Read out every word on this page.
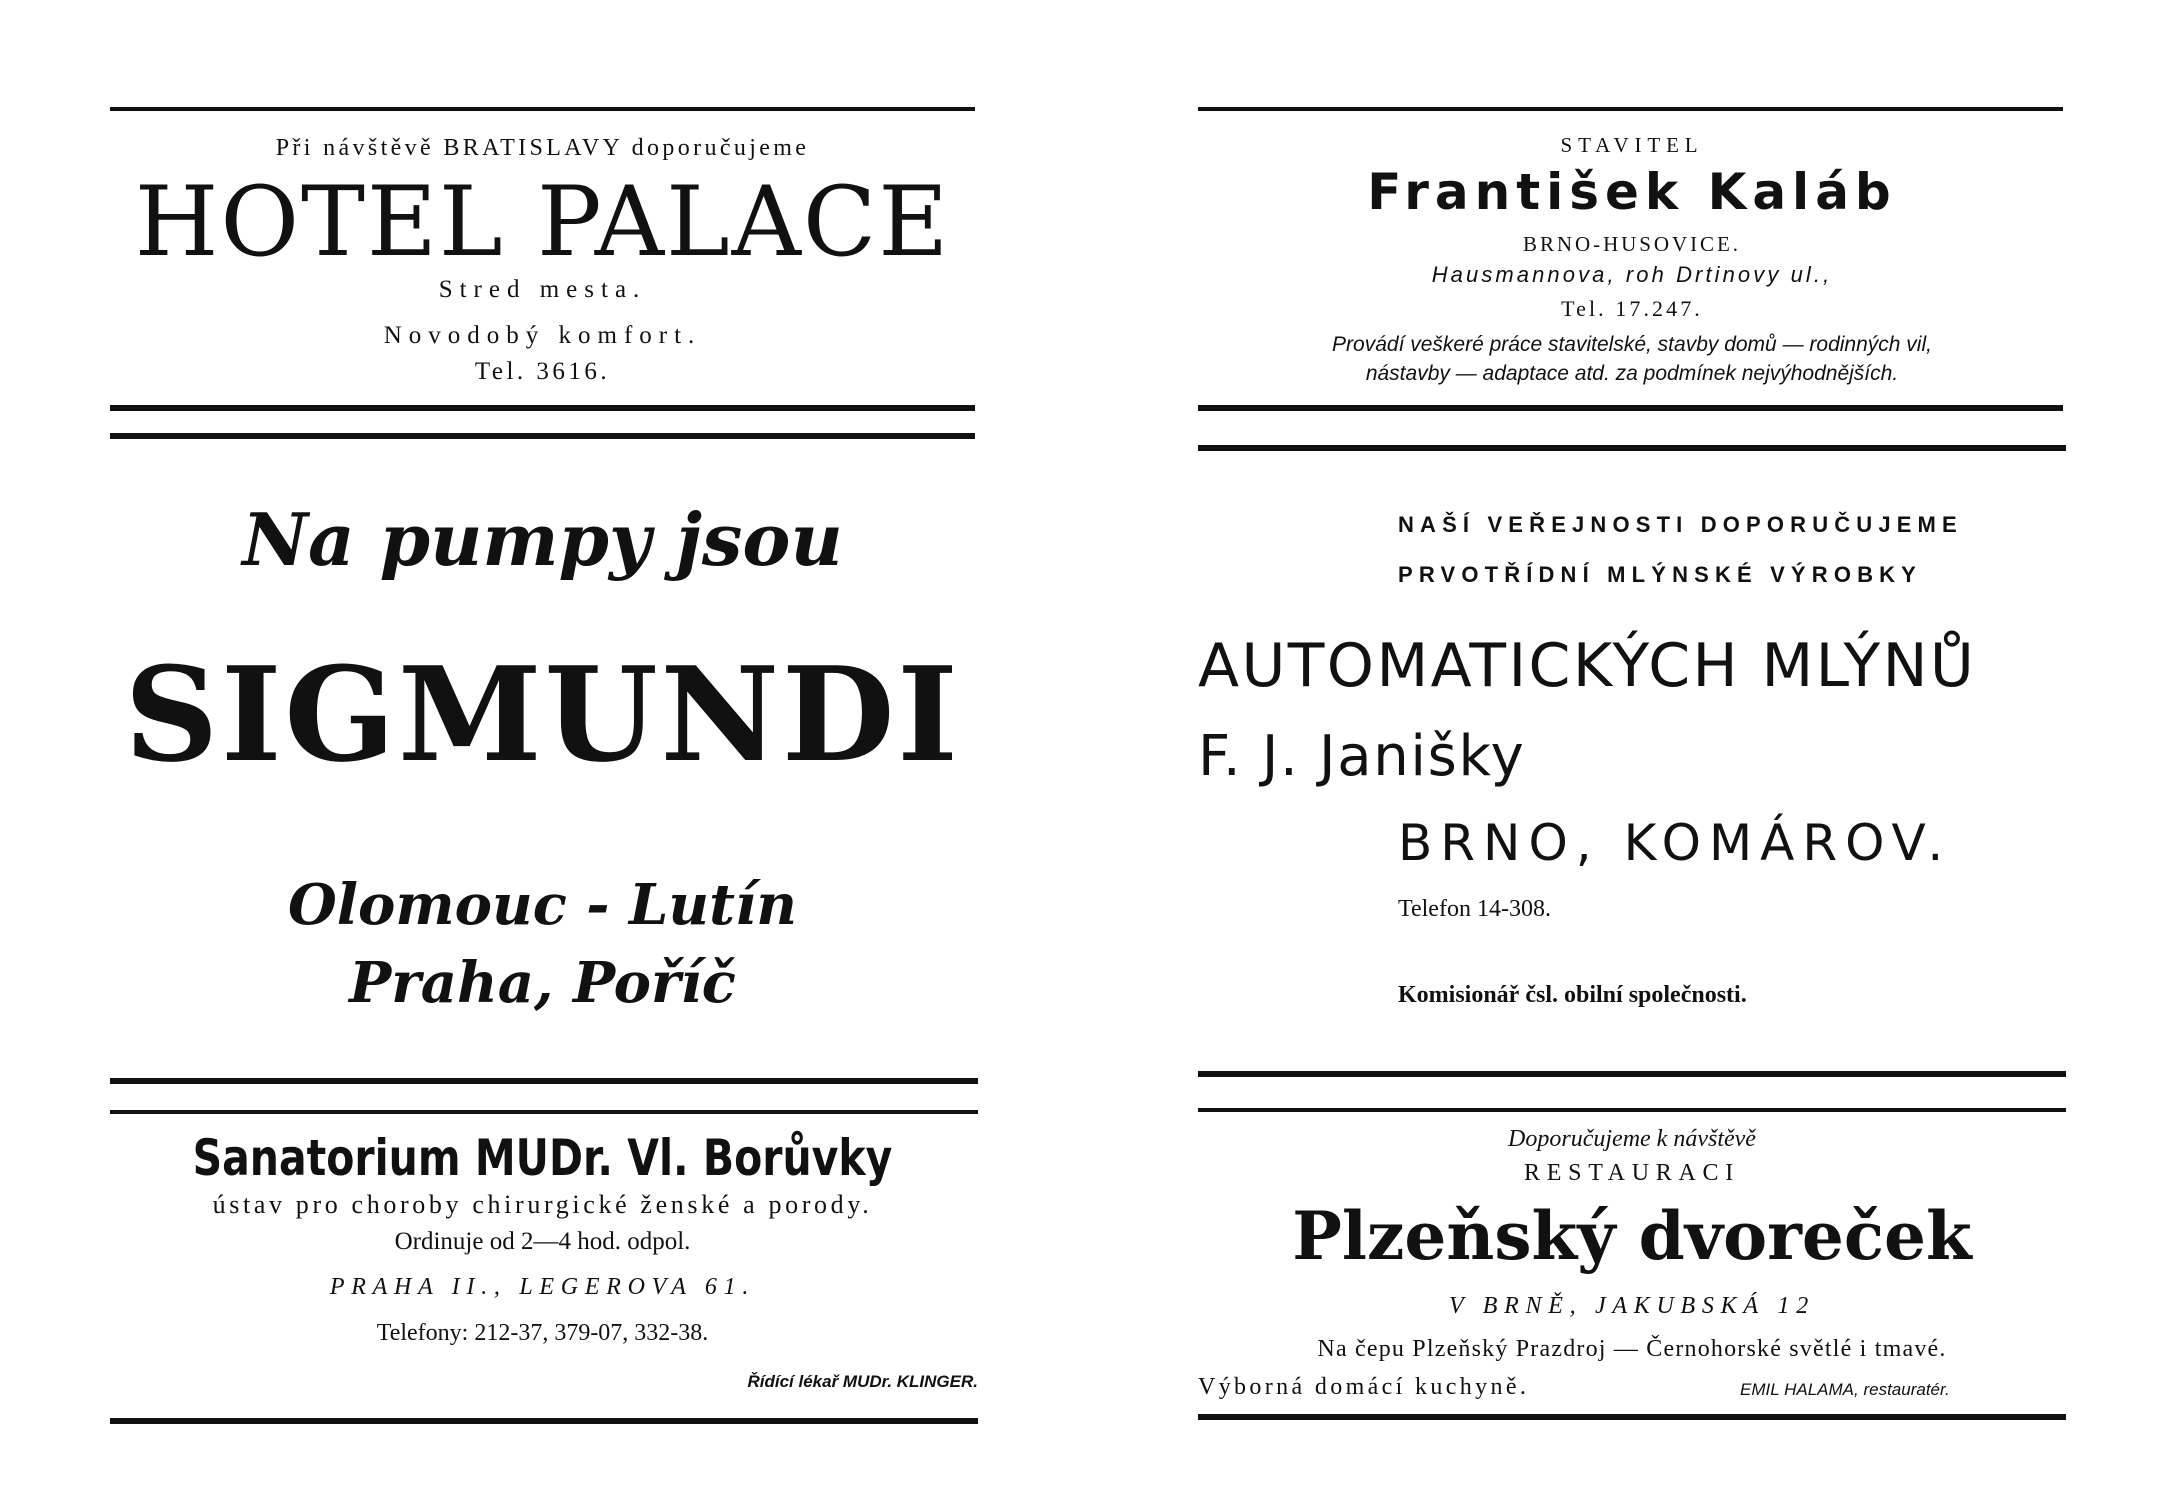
Při návštěvě BRATISLAVY doporučujeme
HOTEL PALACE
Stred mesta.
Novodobý komfort.
Tel. 3616.
Na pumpy jsou
SIGMUNDI
Olomouc - Lutín
Praha, Poříč
Sanatorium MUDr. Vl. Borůvky
ústav pro choroby chirurgické ženské a porody.
Ordinuje od 2—4 hod. odpol.
PRAHA II., LEGEROVA 61.
Telefony: 212-37, 379-07, 332-38.
Řídící lékař MUDr. KLINGER.
STAVITEL
František Kaláb
BRNO-HUSOVICE.
Hausmannova, roh Drtinovy ul.,
Tel. 17.247.
Provádí veškeré práce stavitelské, stavby domů — rodinných vil,
nástavby — adaptace atd. za podmínek nejvýhodnějších.
NAŠÍ VEŘEJNOSTI DOPORUČUJEME
PRVOTŘÍDNÍ MLÝNSKÉ VÝROBKY
AUTOMATICKÝCH MLÝNŮ
F. J. Janišky
BRNO, KOMÁROV.
Telefon 14-308.
Komisionář čsl. obilní společnosti.
Doporučujeme k návštěvě
RESTAURACI
Plzeňský dvoreček
V BRNĚ, JAKUBSKÁ 12
Na čepu Plzeňský Prazdroj — Černohorské světlé i tmavé.
Výborná domácí kuchyně.	EMIL HALAMA, restauratér.
